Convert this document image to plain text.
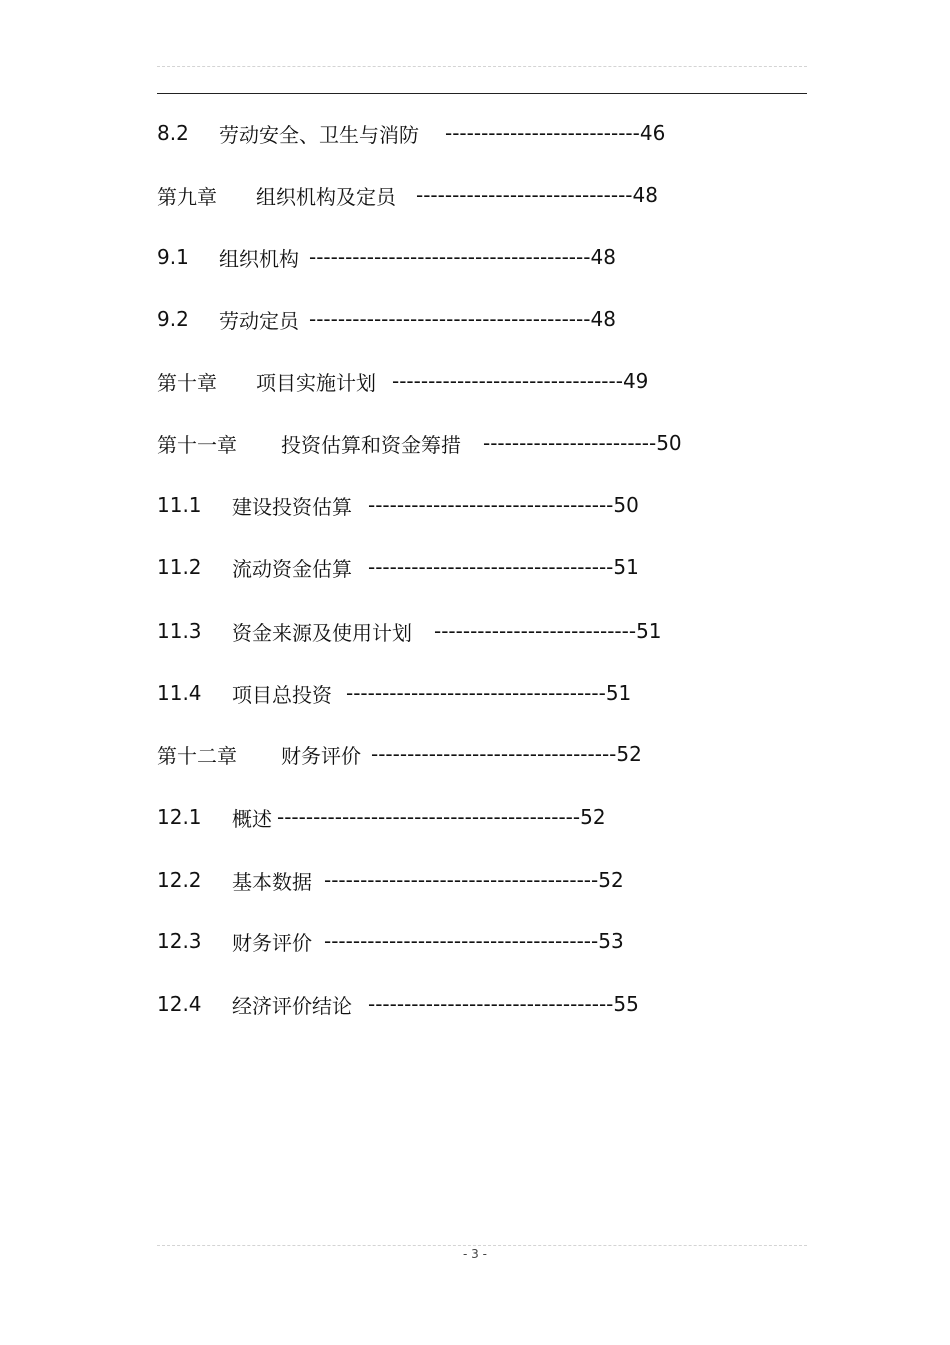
8.2	劳动安全、卫生与消防 --------------------------- 46
第九章	组织机构及定员 ------------------------------ 48
9.1	组织机构 --------------------------------------- 48
9.2	劳动定员 --------------------------------------- 48
第十章	项目实施计划 -------------------------------- 49
第十一章	投资估算和资金筹措 ------------------------ 50
11.1	建设投资估算 ---------------------------------- 50
11.2	流动资金估算 ---------------------------------- 51
11.3	资金来源及使用计划 ---------------------------- 51
11.4	项目总投资 ------------------------------------ 51
第十二章	财务评价 ---------------------------------- 52
12.1	概述 ------------------------------------------ 52
12.2	基本数据 -------------------------------------- 52
12.3	财务评价 -------------------------------------- 53
12.4	经济评价结论 ---------------------------------- 55
- 3 -
